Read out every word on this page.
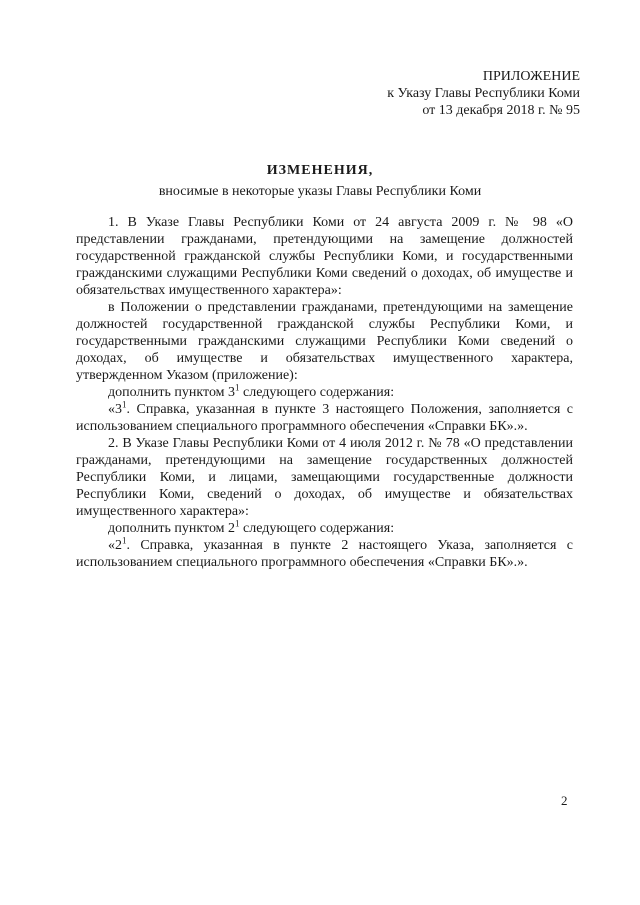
ПРИЛОЖЕНИЕ
к Указу Главы Республики Коми
от 13 декабря 2018 г. № 95
ИЗМЕНЕНИЯ,
вносимые в некоторые указы Главы Республики Коми

1. В Указе Главы Республики Коми от 24 августа 2009 г. № 98 «О представлении гражданами, претендующими на замещение должностей государственной гражданской службы Республики Коми, и государственными гражданскими служащими Республики Коми сведений о доходах, об имуществе и обязательствах имущественного характера»:

в Положении о представлении гражданами, претендующими на замещение должностей государственной гражданской службы Республики Коми, и государственными гражданскими служащими Республики Коми сведений о доходах, об имуществе и обязательствах имущественного характера, утвержденном Указом (приложение):

дополнить пунктом $3^1$ следующего содержания:

«$3^1$. Справка, указанная в пункте 3 настоящего Положения, заполняется с использованием специального программного обеспечения «Справки БК».».

2. В Указе Главы Республики Коми от 4 июля 2012 г. № 78 «О представлении гражданами, претендующими на замещение государственных должностей Республики Коми, и лицами, замещающими государственные должности Республики Коми, сведений о доходах, об имуществе и обязательствах имущественного характера»:

дополнить пунктом $2^1$ следующего содержания:

«$2^1$. Справка, указанная в пункте 2 настоящего Указа, заполняется с использованием специального программного обеспечения «Справки БК».».

2
